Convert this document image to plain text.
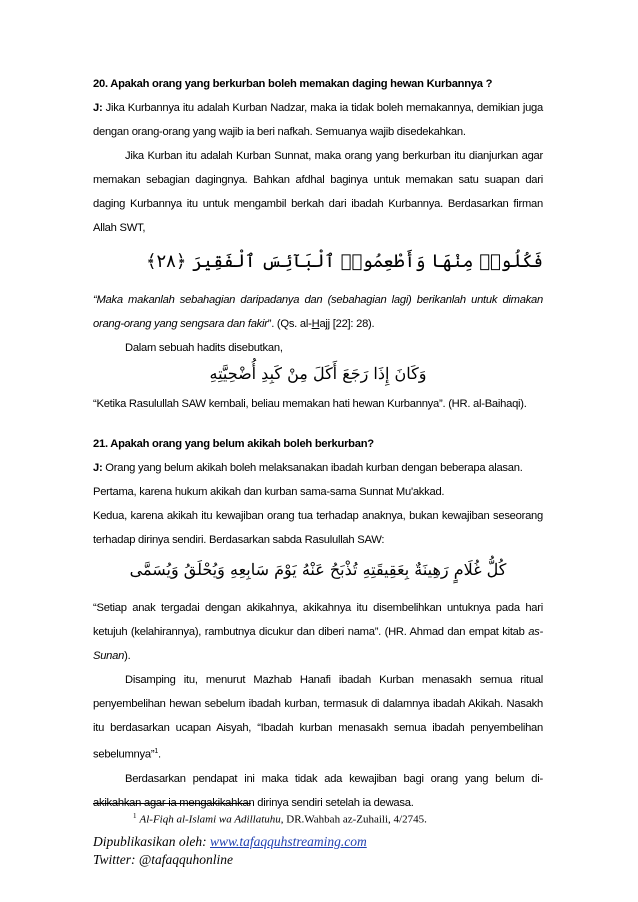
20. Apakah orang yang berkurban boleh memakan daging hewan Kurbannya ?

J: Jika Kurbannya itu adalah Kurban Nadzar, maka ia tidak boleh memakannya, demikian juga

dengan orang-orang yang wajib ia beri nafkah. Semuanya wajib disedekahkan.

Jika Kurban itu adalah Kurban Sunnat, maka orang yang berkurban itu dianjurkan agar

memakan sebagian dagingnya. Bahkan afdhal baginya untuk memakan satu suapan dari

daging Kurbannya itu untuk mengambil berkah dari ibadah Kurbannya. Berdasarkan firman

Allah SWT,

فَكُلُوا۟ مِنْهَا وَأَطْعِمُوا۟ ٱلْبَآئِسَ ٱلْفَقِيرَ ﴿٢٨﴾

“Maka makanlah sebahagian daripadanya dan (sebahagian lagi) berikanlah untuk dimakan

orang-orang yang sengsara dan fakir”. (Qs. al-Hajj [22]: 28).

Dalam sebuah hadits disebutkan,

وَكَانَ إِذَا رَجَعَ أَكَلَ مِنْ كَبِدِ أُضْحِيَّتِهِ

“Ketika Rasulullah SAW kembali, beliau memakan hati hewan Kurbannya”. (HR. al-Baihaqi).

21. Apakah orang yang belum akikah boleh berkurban?

J: Orang yang belum akikah boleh melaksanakan ibadah kurban dengan beberapa alasan.

Pertama, karena hukum akikah dan kurban sama-sama Sunnat Mu'akkad.

Kedua, karena akikah itu kewajiban orang tua terhadap anaknya, bukan kewajiban seseorang

terhadap dirinya sendiri. Berdasarkan sabda Rasulullah SAW:

كُلُّ غُلَامٍ رَهِينَةٌ بِعَقِيقَتِهِ تُذْبَحُ عَنْهُ يَوْمَ سَابِعِهِ وَيُحْلَقُ وَيُسَمَّى

“Setiap anak tergadai dengan akikahnya, akikahnya itu disembelihkan untuknya pada hari

ketujuh (kelahirannya), rambutnya dicukur dan diberi nama”. (HR. Ahmad dan empat kitab as-

Sunan).

Disamping itu, menurut Mazhab Hanafi ibadah Kurban menasakh semua ritual

penyembelihan hewan sebelum ibadah kurban, termasuk di dalamnya ibadah Akikah. Nasakh

itu berdasarkan ucapan Aisyah, “Ibadah kurban menasakh semua ibadah penyembelihan

sebelumnya”$^1$.

Berdasarkan pendapat ini maka tidak ada kewajiban bagi orang yang belum di-

akikahkan agar ia mengakikahkan dirinya sendiri setelah ia dewasa.

$^1$ Al-Fiqh al-Islami wa Adillatuhu, DR.Wahbah az-Zuhaili, 4/2745.
Dipublikasikan oleh: www.tafaqquhstreaming.com
Twitter: @tafaqquhonline
